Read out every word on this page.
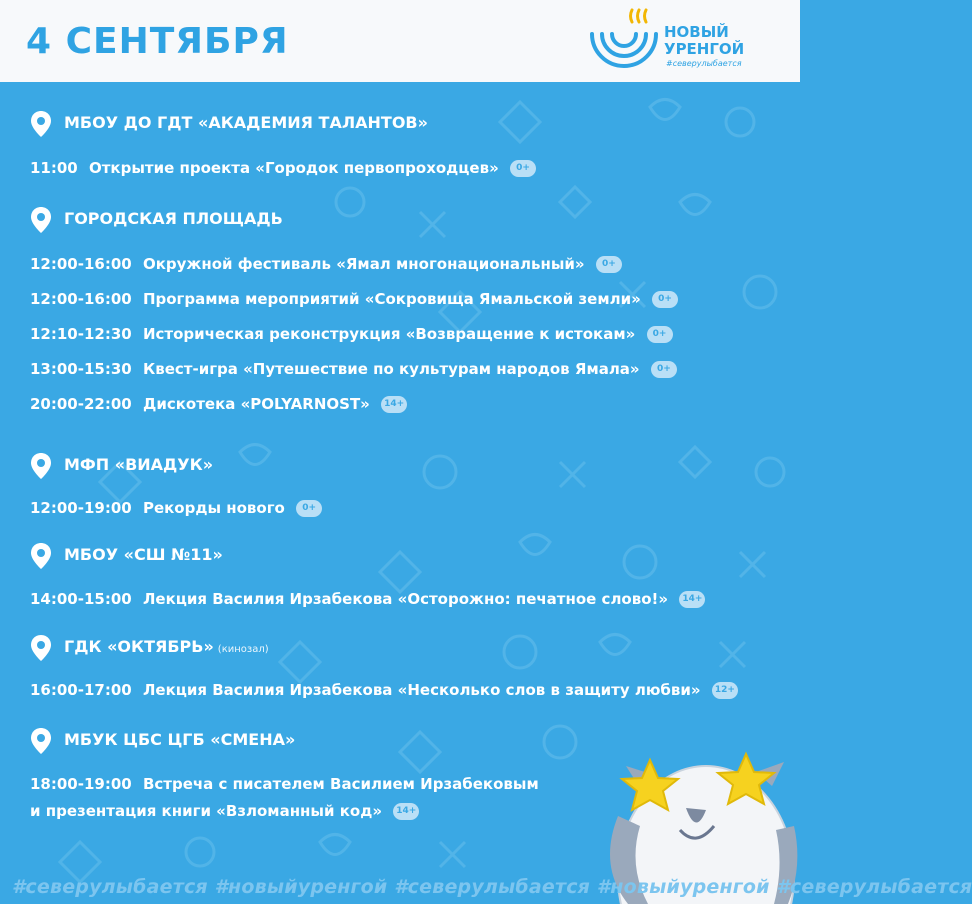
4 СЕНТЯБРЯ	НОВЫЙ
УРЕНГОЙ
#северулыбается
МБОУ ДО ГДТ «АКАДЕМИЯ ТАЛАНТОВ»
11:00 Открытие проекта «Городок первопроходцев» 0+
ГОРОДСКАЯ ПЛОЩАДЬ
12:00-16:00 Окружной фестиваль «Ямал многонациональный» 0+
12:00-16:00 Программа мероприятий «Сокровища Ямальской земли» 0+
12:10-12:30 Историческая реконструкция «Возвращение к истокам» 0+
13:00-15:30 Квест-игра «Путешествие по культурам народов Ямала» 0+
20:00-22:00 Дискотека «POLYARNOST» 14+
МФП «ВИАДУК»
12:00-19:00 Рекорды нового 0+
МБОУ «СШ №11»
14:00-15:00 Лекция Василия Ирзабекова «Осторожно: печатное слово!» 14+
ГДК «ОКТЯБРЬ» (кинозал)
16:00-17:00 Лекция Василия Ирзабекова «Несколько слов в защиту любви» 12+
МБУК ЦБС ЦГБ «СМЕНА»
18:00-19:00 Встреча с писателем Василием Ирзабековым
и презентация книги «Взломанный код» 14+
#северулыбается #новыйуренгой #северулыбается #новыйуренгой #северулыбается
